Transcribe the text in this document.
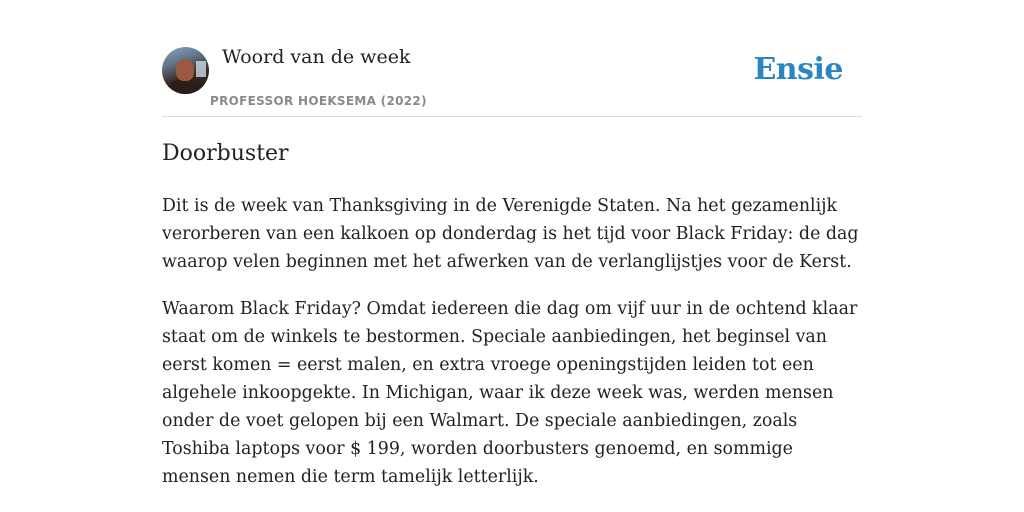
Woord van de week
PROFESSOR HOEKSEMA (2022)
Ensie
Doorbuster

Dit is de week van Thanksgiving in de Verenigde Staten. Na het gezamenlijk verorberen van een kalkoen op donderdag is het tijd voor Black Friday: de dag waarop velen beginnen met het afwerken van de verlanglijstjes voor de Kerst.

Waarom Black Friday? Omdat iedereen die dag om vijf uur in de ochtend klaar staat om de winkels te bestormen. Speciale aanbiedingen, het beginsel van eerst komen = eerst malen, en extra vroege openingstijden leiden tot een algehele inkoopgekte. In Michigan, waar ik deze week was, werden mensen onder de voet gelopen bij een Walmart. De speciale aanbiedingen, zoals Toshiba laptops voor $ 199, worden doorbusters genoemd, en sommige mensen nemen die term tamelijk letterlijk.
